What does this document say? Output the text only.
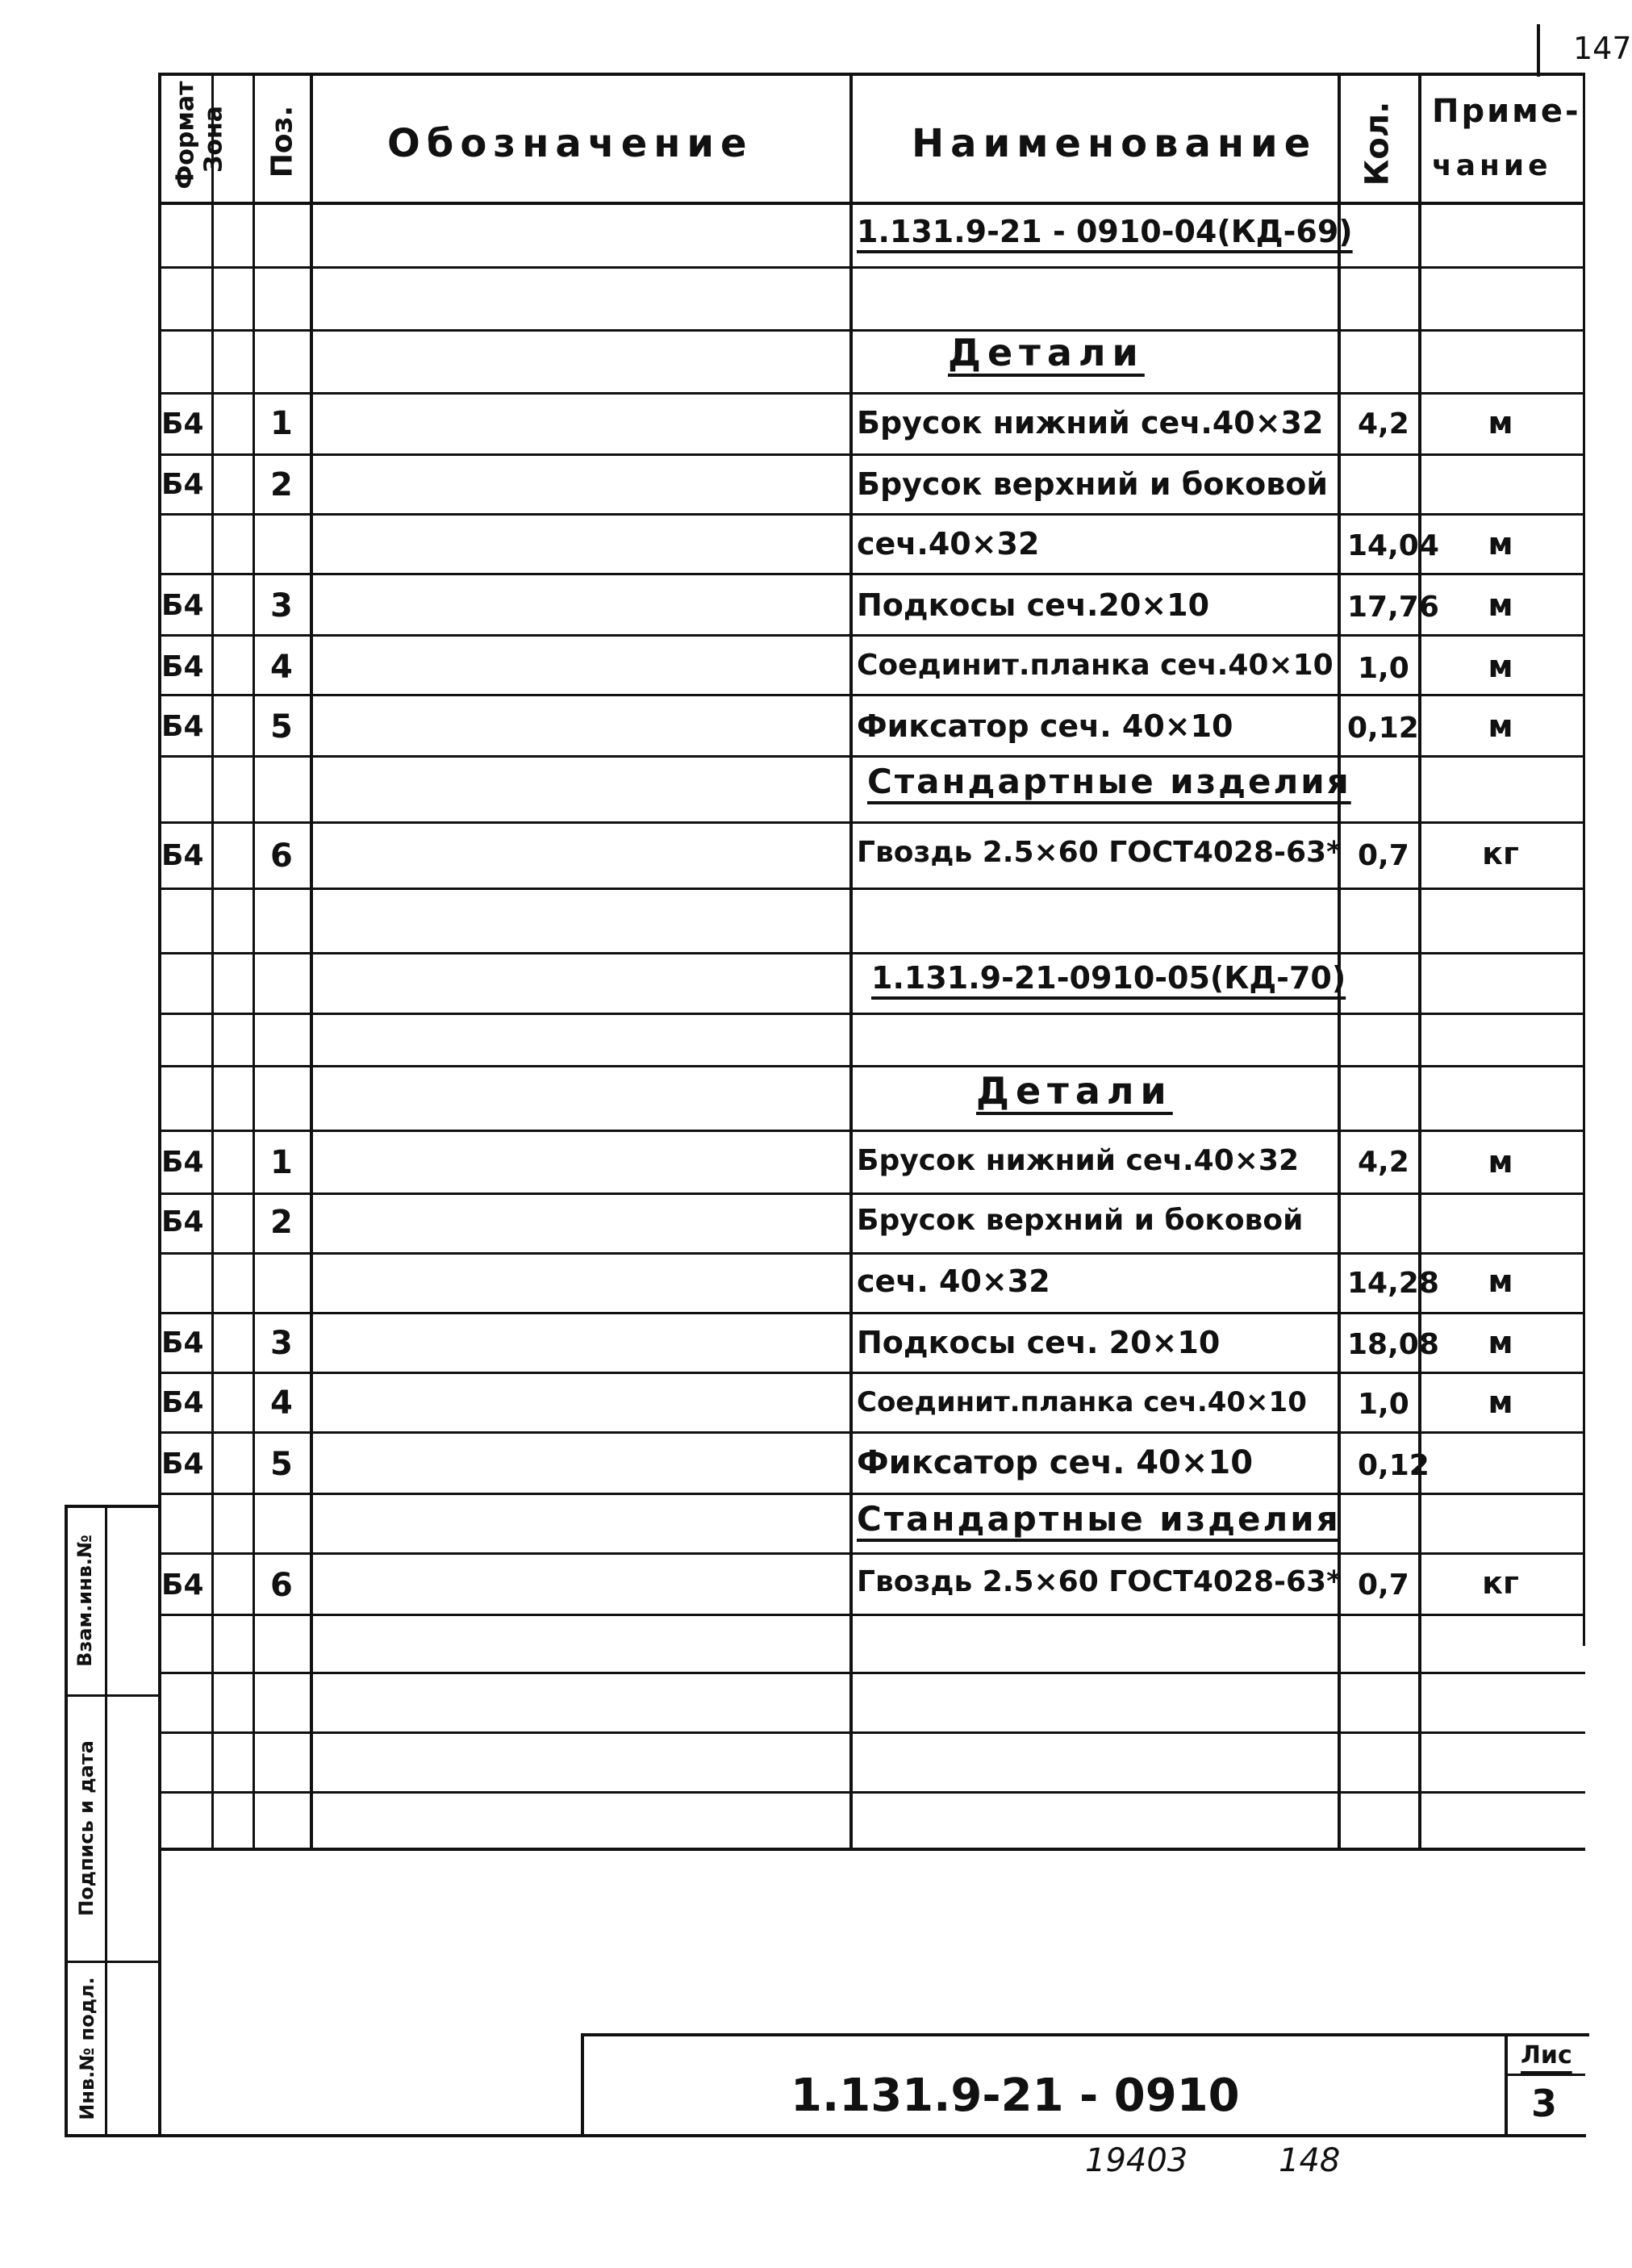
147
Формат Зона Поз. Обозначение	Наименование Кол. Приме-
чание
1.131.9-21 - 0910-04(КД-69)
Детали
Б4 1	Брусок нижний сеч.40×32 4,2	м
Б4 2	Брусок верхний и боковой
сеч.40×32	14,04	м
Б4 3	Подкосы сеч.20×10	17,76	м
Б4 4	Соединит.планка сеч.40×10 1,0	м
Б4 5	Фиксатор сеч. 40×10	0,12	м
Стандартные изделия
Б4 6	Гвоздь 2.5×60 ГОСТ4028-63* 0,7	кг
1.131.9-21-0910-05(КД-70)
Детали
Б4 1	Брусок нижний сеч.40×32 4,2	м
Б4 2	Брусок верхний и боковой
сеч. 40×32	14,28	м
Б4 3	Подкосы сеч. 20×10	18,08	м
Б4 4	Соединит.планка сеч.40×10 1,0	м
Б4 5	Фиксатор сеч. 40×10	0,12
Стандартные изделия
Б4 6	Гвоздь 2.5×60 ГОСТ4028-63* 0,7	кг
Инв.№ подл.
Подпись и дата
Взам.инв.№
1.131.9-21 - 0910
Лис
3
19403	148
